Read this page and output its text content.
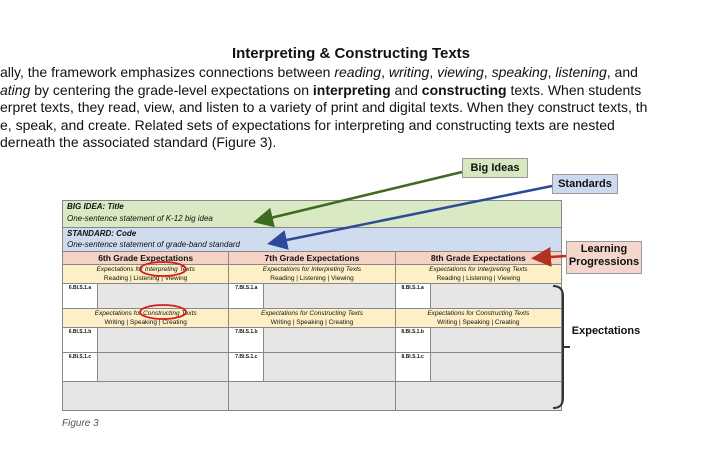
Interpreting & Constructing Texts
ally, the framework emphasizes connections between reading, writing, viewing, speaking, listening, and
ating by centering the grade-level expectations on interpreting and constructing texts. When students
erpret texts, they read, view, and listen to a variety of print and digital texts. When they construct texts, th
e, speak, and create. Related sets of expectations for interpreting and constructing texts are nested
derneath the associated standard (Figure 3).
Big Ideas
Standards
Learning Progressions
Expectations
BIG IDEA: Title
One-sentence statement of K-12 big idea
STANDARD: Code
One-sentence statement of grade-band standard
6th Grade Expectations
Expectations for Interpreting Texts
Reading | Listening | Viewing
6.BI.S.1.a
Expectations for Constructing Texts
Writing | Speaking | Creating
6.BI.S.1.b
6.BI.S.1.c
7th Grade Expectations
Expectations for Interpreting Texts
Reading | Listening | Viewing
7.BI.S.1.a
Expectations for Constructing Texts
Writing | Speaking | Creating
7.BI.S.1.b
7.BI.S.1.c
8th Grade Expectations
Expectations for Interpreting Texts
Reading | Listening | Viewing
8.BI.S.1.a
Expectations for Constructing Texts
Writing | Speaking | Creating
8.BI.S.1.b
8.BI.S.1.c
Figure 3
